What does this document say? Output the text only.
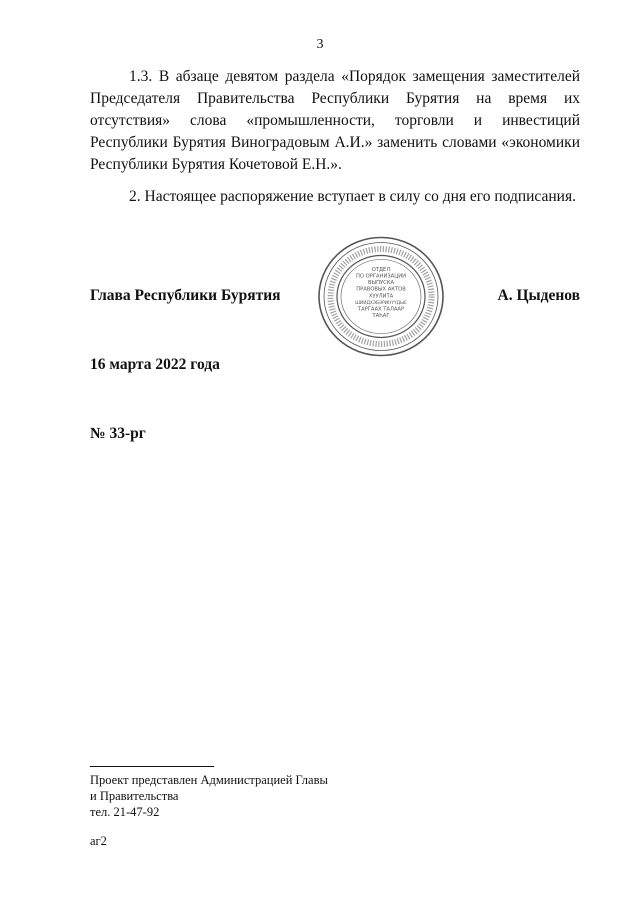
3

1.3. В абзаце девятом раздела «Порядок замещения заместителей Председателя Правительства Республики Бурятия на время их отсутствия» слова «промышленности, торговли и инвестиций Республики Бурятия Виноградовым А.И.» заменить словами «экономики Республики Бурятия Кочетовой Е.Н.».

2. Настоящее распоряжение вступает в силу со дня его подписания.

Глава Республики Бурятия
ОТДЕЛ
ПО ОРГАНИЗАЦИИ
ВЫПУСКА
ПРАВОВЫХ АКТОВ
ХУУЛИТА
ШИИДХЭБЭРИНҮҮДЫЕ
ТАРГААХ ТАЛААР
ТАҺАГ
А. Цыденов
16 марта 2022 года
№ 33-рг
Проект представлен Администрацией Главы
и Правительства
тел. 21-47-92
аг2
